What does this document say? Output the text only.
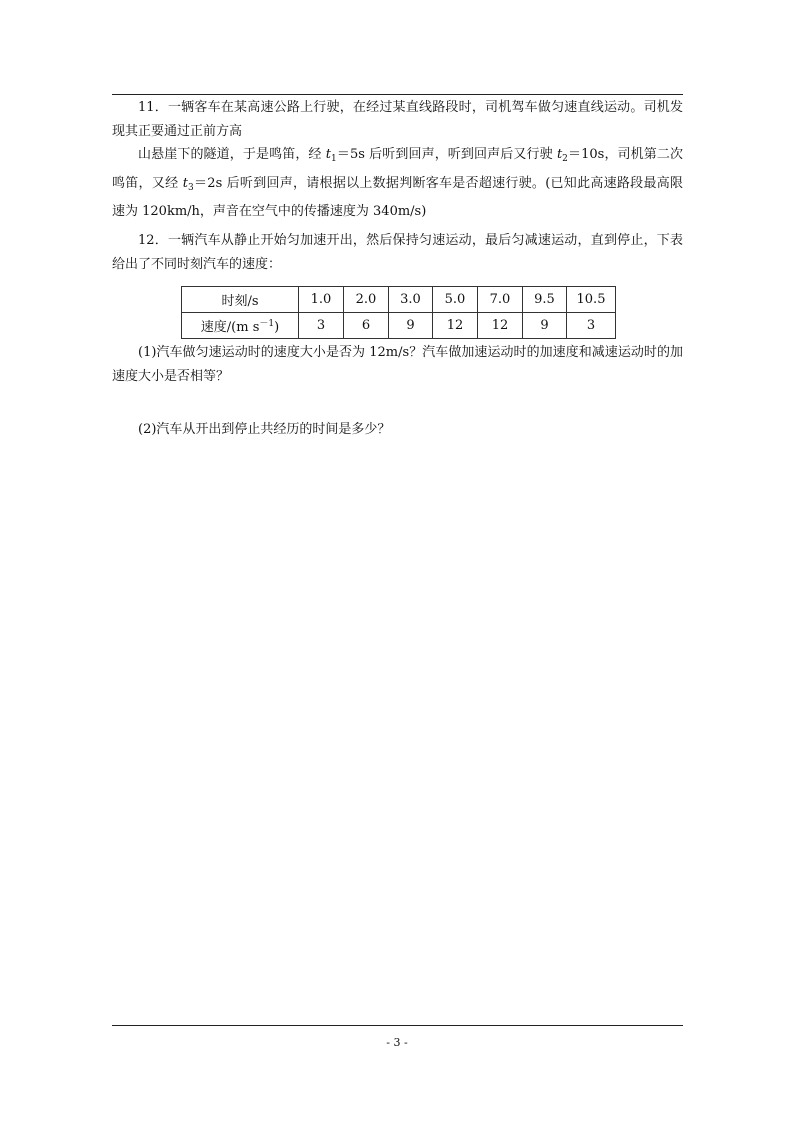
11．一辆客车在某高速公路上行驶，在经过某直线路段时，司机驾车做匀速直线运动。司机发现其正要通过正前方高

山悬崖下的隧道，于是鸣笛，经 $t_1=5s$ 后听到回声，听到回声后又行驶 $t_2=10s$，司机第二次鸣笛，又经 $t_3=2s$ 后听到回声，请根据以上数据判断客车是否超速行驶。(已知此高速路段最高限速为 120km/h，声音在空气中的传播速度为 340m/s)

12．一辆汽车从静止开始匀加速开出，然后保持匀速运动，最后匀减速运动，直到停止，下表给出了不同时刻汽车的速度：

时刻/s	1.0	2.0	3.0	5.0	7.0	9.5	10.5
速度/(m $s^{-1}$)	3	6	9	12	12	9	3

(1)汽车做匀速运动时的速度大小是否为 12m/s？汽车做加速运动时的加速度和减速运动时的加速度大小是否相等？

(2)汽车从开出到停止共经历的时间是多少？

- 3 -
